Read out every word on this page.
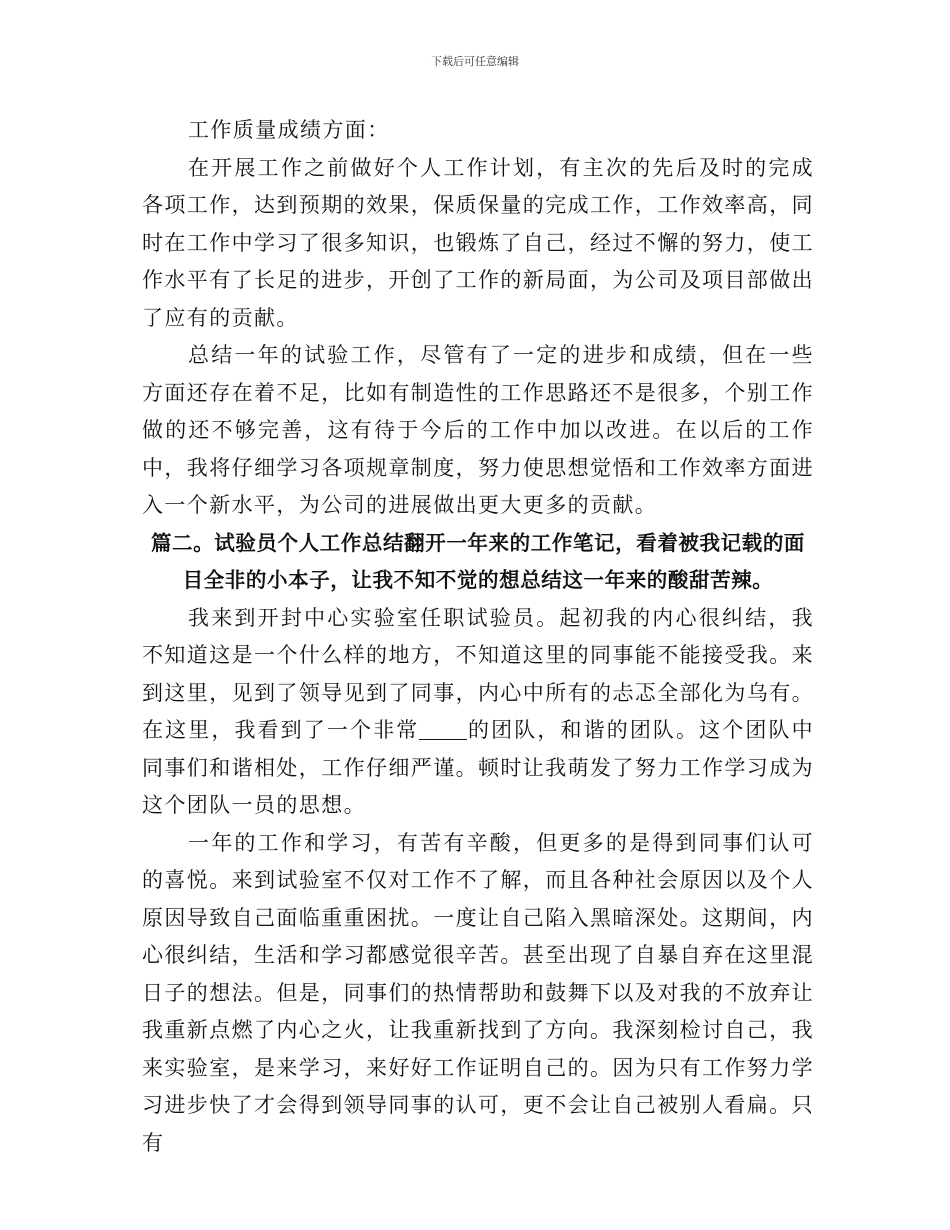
下载后可任意编辑

工作质量成绩方面：

在开展工作之前做好个人工作计划，有主次的先后及时的完成各项工作，达到预期的效果，保质保量的完成工作，工作效率高，同时在工作中学习了很多知识，也锻炼了自己，经过不懈的努力，使工作水平有了长足的进步，开创了工作的新局面，为公司及项目部做出了应有的贡献。

总结一年的试验工作，尽管有了一定的进步和成绩，但在一些方面还存在着不足，比如有制造性的工作思路还不是很多，个别工作做的还不够完善，这有待于今后的工作中加以改进。在以后的工作中，我将仔细学习各项规章制度，努力使思想觉悟和工作效率方面进入一个新水平，为公司的进展做出更大更多的贡献。

篇二。试验员个人工作总结翻开一年来的工作笔记，看着被我记载的面目全非的小本子，让我不知不觉的想总结这一年来的酸甜苦辣。

我来到开封中心实验室任职试验员。起初我的内心很纠结，我不知道这是一个什么样的地方，不知道这里的同事能不能接受我。来到这里，见到了领导见到了同事，内心中所有的忐忑全部化为乌有。在这里，我看到了一个非常 的团队，和谐的团队。这个团队中同事们和谐相处，工作仔细严谨。顿时让我萌发了努力工作学习成为这个团队一员的思想。

一年的工作和学习，有苦有辛酸，但更多的是得到同事们认可的喜悦。来到试验室不仅对工作不了解，而且各种社会原因以及个人原因导致自己面临重重困扰。一度让自己陷入黑暗深处。这期间，内心很纠结，生活和学习都感觉很辛苦。甚至出现了自暴自弃在这里混日子的想法。但是，同事们的热情帮助和鼓舞下以及对我的不放弃让我重新点燃了内心之火，让我重新找到了方向。我深刻检讨自己，我来实验室，是来学习，来好好工作证明自己的。因为只有工作努力学习进步快了才会得到领导同事的认可，更不会让自己被别人看扁。只有
